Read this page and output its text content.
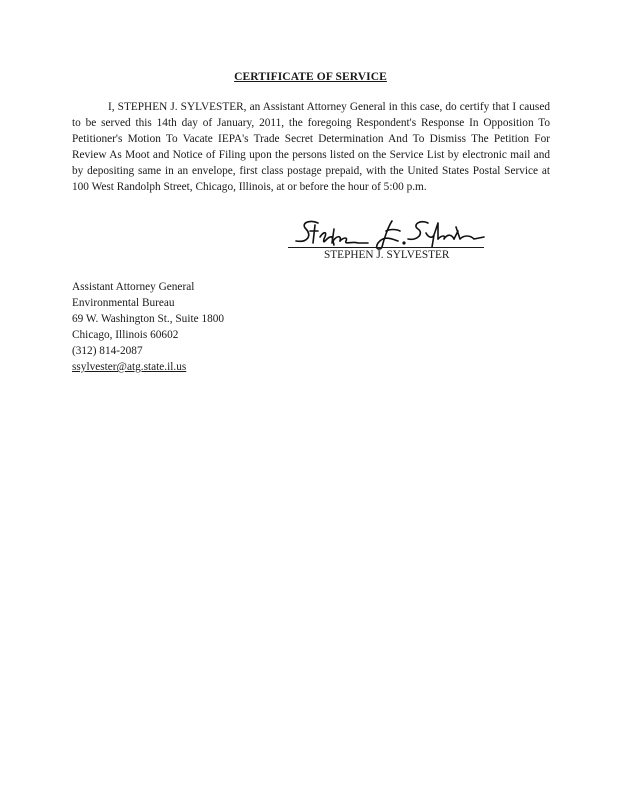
CERTIFICATE OF SERVICE

I, STEPHEN J. SYLVESTER, an Assistant Attorney General in this case, do certify that I caused to be served this 14th day of January, 2011, the foregoing Respondent's Response In Opposition To Petitioner's Motion To Vacate IEPA's Trade Secret Determination And To Dismiss The Petition For Review As Moot and Notice of Filing upon the persons listed on the Service List by electronic mail and by depositing same in an envelope, first class postage prepaid, with the United States Postal Service at 100 West Randolph Street, Chicago, Illinois, at or before the hour of 5:00 p.m.

STEPHEN J. SYLVESTER
Assistant Attorney General
Environmental Bureau
69 W. Washington St., Suite 1800
Chicago, Illinois 60602
(312) 814-2087
ssylvester@atg.state.il.us
